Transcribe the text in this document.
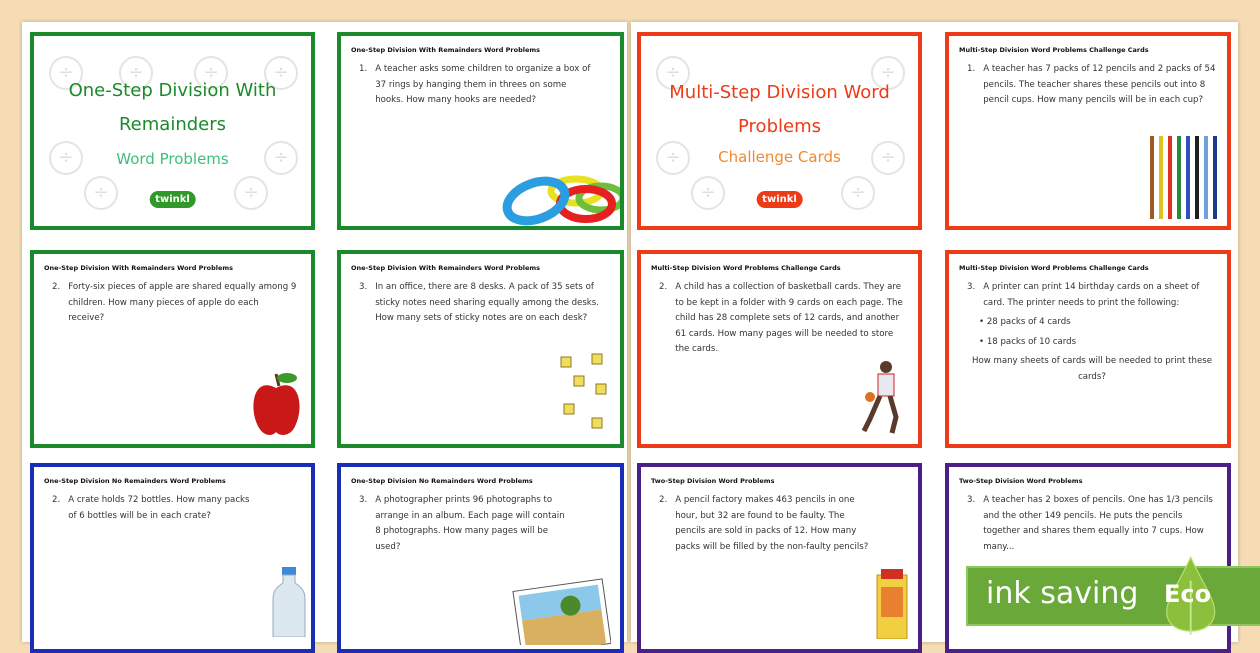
÷	÷	÷	÷
÷	÷
÷	÷
One-Step Division With
Remainders
Word Problems
twinkl
One-Step Division With Remainders Word Problems
1. A teacher asks some children to organize a box of 37 rings by hanging them in threes on some hooks. How many hooks are needed?
One-Step Division With Remainders Word Problems
2. Forty-six pieces of apple are shared equally among 9 children. How many pieces of apple do each receive?
One-Step Division With Remainders Word Problems
3. In an office, there are 8 desks. A pack of 35 sets of sticky notes need sharing equally among the desks. How many sets of sticky notes are on each desk?
One-Step Division No Remainders Word Problems
2. A crate holds 72 bottles. How many packs of 6 bottles will be in each crate?
One-Step Division No Remainders Word Problems
3. A photographer prints 96 photographs to arrange in an album. Each page will contain 8 photographs. How many pages will be used?
÷	÷
÷	÷
÷	÷
Multi-Step Division Word
Problems
Challenge Cards
twinkl
Multi-Step Division Word Problems Challenge Cards
1. A teacher has 7 packs of 12 pencils and 2 packs of 54 pencils. The teacher shares these pencils out into 8 pencil cups. How many pencils will be in each cup?
Multi-Step Division Word Problems Challenge Cards
2. A child has a collection of basketball cards. They are to be kept in a folder with 9 cards on each page. The child has 28 complete sets of 12 cards, and another 61 cards. How many pages will be needed to store the cards.
Multi-Step Division Word Problems Challenge Cards
3. A printer can print 14 birthday cards on a sheet of card. The printer needs to print the following:
• 28 packs of 4 cards
• 18 packs of 10 cards
How many sheets of cards will be needed to print these cards?
Two-Step Division Word Problems
2. A pencil factory makes 463 pencils in one hour, but 32 are found to be faulty. The pencils are sold in packs of 12. How many packs will be filled by the non-faulty pencils?
Two-Step Division Word Problems
3. A teacher has 2 boxes of pencils. One has 1/3 pencils and the other 149 pencils. He puts the pencils together and shares them equally into 7 cups. How many...
ink saving Eco
